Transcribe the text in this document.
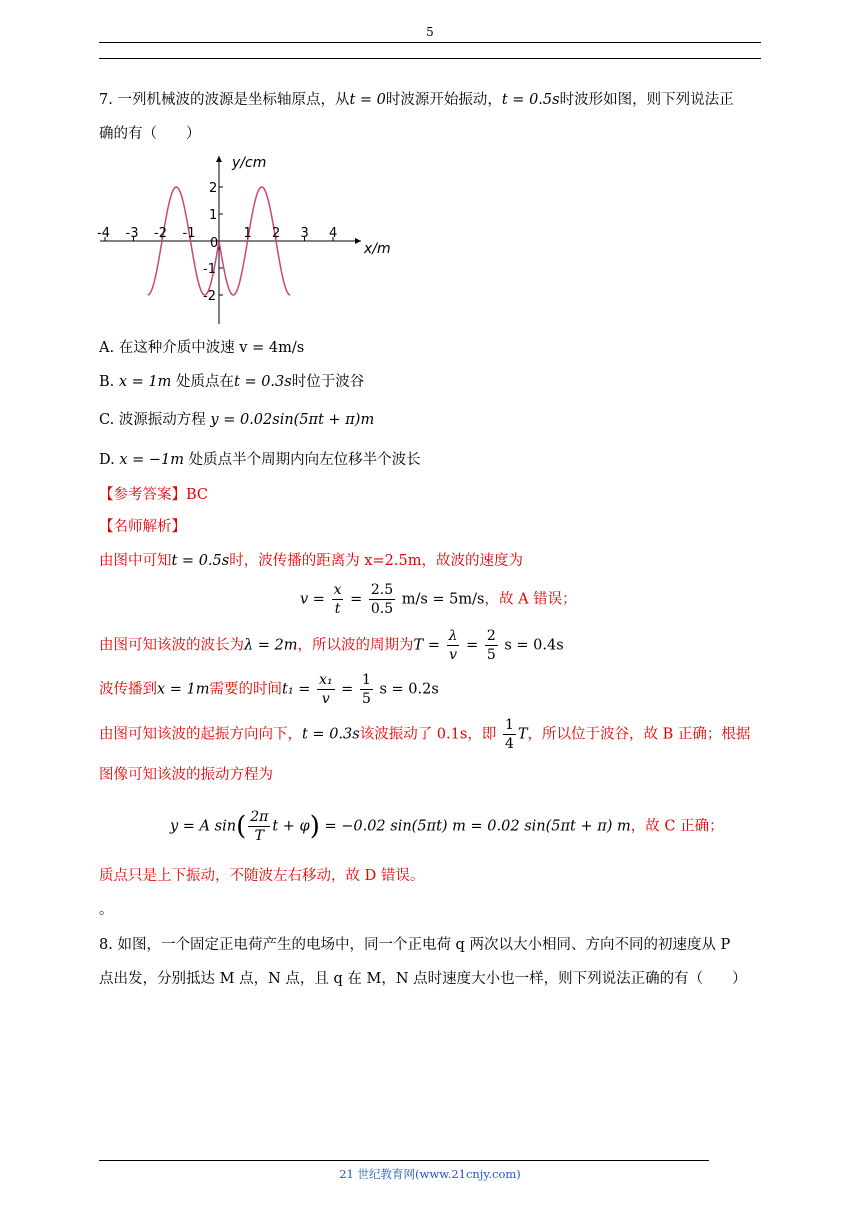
5
7. 一列机械波的波源是坐标轴原点，从t = 0时波源开始振动，t = 0.5s时波形如图，则下列说法正
确的有（　　）
y/cm
x/m
-4 -3 -2 -1
0
1 2 3 4
2
1
-1
-2
A. 在这种介质中波速 v = 4m/s
B. x = 1m 处质点在t = 0.3s时位于波谷
C. 波源振动方程 y = 0.02sin(5πt + π)m
D. x = −1m 处质点半个周期内向左位移半个波长
【参考答案】BC
【名师解析】
由图中可知t = 0.5s时，波传播的距离为 x=2.5m，故波的速度为
$v = \frac{x}{t} = \frac{2.5}{0.5} m/s = 5m/s$，故 A 错误；
由图可知该波的波长为λ = 2m，所以波的周期为$T = \frac{\lambda}{v} = \frac{2}{5}$ s = 0.4s
波传播到x = 1m需要的时间$t_1 = \frac{\text{x₁}}{v} = \frac{1}{5}$ s = 0.2s
由图可知该波的起振方向向下，t = 0.3s该波振动了 0.1s，即 $\frac{1}{4}$ T，所以位于波谷，故 B 正确；根据
图像可知该波的振动方程为
y = A $\sin( \frac{2\pi}{T}$ t + φ) = −0.02 sin(5πt) m = 0.02 sin(5πt + π) m，故 C 正确；
质点只是上下振动，不随波左右移动，故 D 错误。
。
8. 如图，一个固定正电荷产生的电场中，同一个正电荷 q 两次以大小相同、方向不同的初速度从 P
点出发，分别抵达 M 点，N 点，且 q 在 M，N 点时速度大小也一样，则下列说法正确的有（　　）
21 世纪教育网(www.21cnjy.com)
